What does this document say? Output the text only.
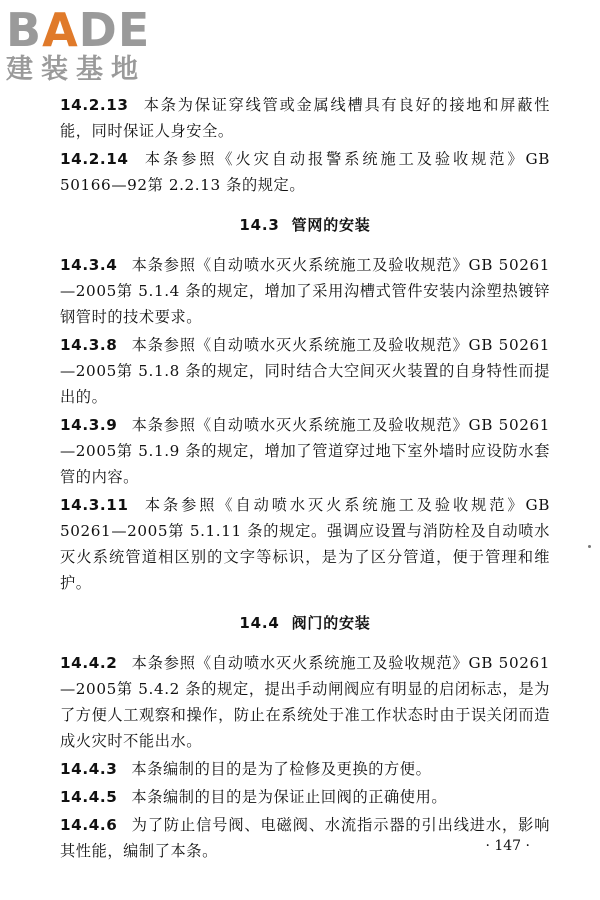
B A DE
建装基地

14.2.13 本条为保证穿线管或金属线槽具有良好的接地和屏蔽性能，同时保证人身安全。

14.2.14 本条参照《火灾自动报警系统施工及验收规范》GB 50166—92第 2.2.13 条的规定。

14.3 管网的安装

14.3.4 本条参照《自动喷水灭火系统施工及验收规范》GB 50261—2005第 5.1.4 条的规定，增加了采用沟槽式管件安装内涂塑热镀锌钢管时的技术要求。

14.3.8 本条参照《自动喷水灭火系统施工及验收规范》GB 50261—2005第 5.1.8 条的规定，同时结合大空间灭火装置的自身特性而提出的。

14.3.9 本条参照《自动喷水灭火系统施工及验收规范》GB 50261—2005第 5.1.9 条的规定，增加了管道穿过地下室外墙时应设防水套管的内容。

14.3.11 本条参照《自动喷水灭火系统施工及验收规范》GB 50261—2005第 5.1.11 条的规定。强调应设置与消防栓及自动喷水灭火系统管道相区别的文字等标识，是为了区分管道，便于管理和维护。

14.4 阀门的安装

14.4.2 本条参照《自动喷水灭火系统施工及验收规范》GB 50261—2005第 5.4.2 条的规定，提出手动闸阀应有明显的启闭标志，是为了方便人工观察和操作，防止在系统处于准工作状态时由于误关闭而造成火灾时不能出水。

14.4.3 本条编制的目的是为了检修及更换的方便。

14.4.5 本条编制的目的是为保证止回阀的正确使用。

14.4.6 为了防止信号阀、电磁阀、水流指示器的引出线进水，影响其性能，编制了本条。	· 147 ·
